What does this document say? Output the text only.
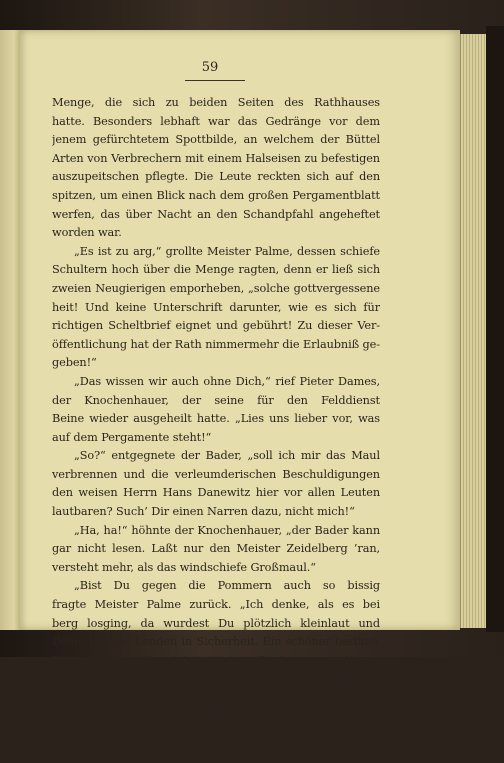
59
Menge, die sich zu beiden Seiten des Rathhauses
hatte. Besonders lebhaft war das Gedränge vor dem
jenem gefürchtetem Spottbilde, an welchem der Büttel
Arten von Verbrechern mit einem Halseisen zu befestigen
auszupeitschen pflegte. Die Leute reckten sich auf den
spitzen, um einen Blick nach dem großen Pergamentblatt
werfen, das über Nacht an den Schandpfahl angeheftet
worden war.
„Es ist zu arg,“ grollte Meister Palme, dessen schiefe
Schultern hoch über die Menge ragten, denn er ließ sich
zweien Neugierigen emporheben, „solche gottvergessene
heit! Und keine Unterschrift darunter, wie es sich für
richtigen Scheltbrief eignet und gebührt! Zu dieser Ver-
öffentlichung hat der Rath nimmermehr die Erlaubniß ge-
geben!“
„Das wissen wir auch ohne Dich,“ rief Pieter Dames,
der Knochenhauer, der seine für den Felddienst
Beine wieder ausgeheilt hatte. „Lies uns lieber vor, was
auf dem Pergamente steht!“
„So?“ entgegnete der Bader, „soll ich mir das Maul
verbrennen und die verleumderischen Beschuldigungen
den weisen Herrn Hans Danewitz hier vor allen Leuten
lautbaren? Such’ Dir einen Narren dazu, nicht mich!“
„Ha, ha!“ höhnte der Knochenhauer, „der Bader kann
gar nicht lesen. Laßt nur den Meister Zeidelberg ’ran,
versteht mehr, als das windschiefe Großmaul.“
„Bist Du gegen die Pommern auch so bissig
fragte Meister Palme zurück. „Ich denke, als es bei
berg losging, da wurdest Du plötzlich kleinlaut und
Deine lahmen Lenden in Sicherheit. Ein schöner berliner
Knochenhauer! Hat sich von seiner Eheliebsten zu Hause
Suppen kochen lassen, während unsere Brüder draußen
pommersche Schädel spalteten.“
„Verfluchte Otter, Du sollst an Deinem Gift ersticken!
Macht Platz, Gevattern, daß ich dem unehrlichen
einen Fußtritt gebe. So ein dreckiger Bartkratzer! Den
